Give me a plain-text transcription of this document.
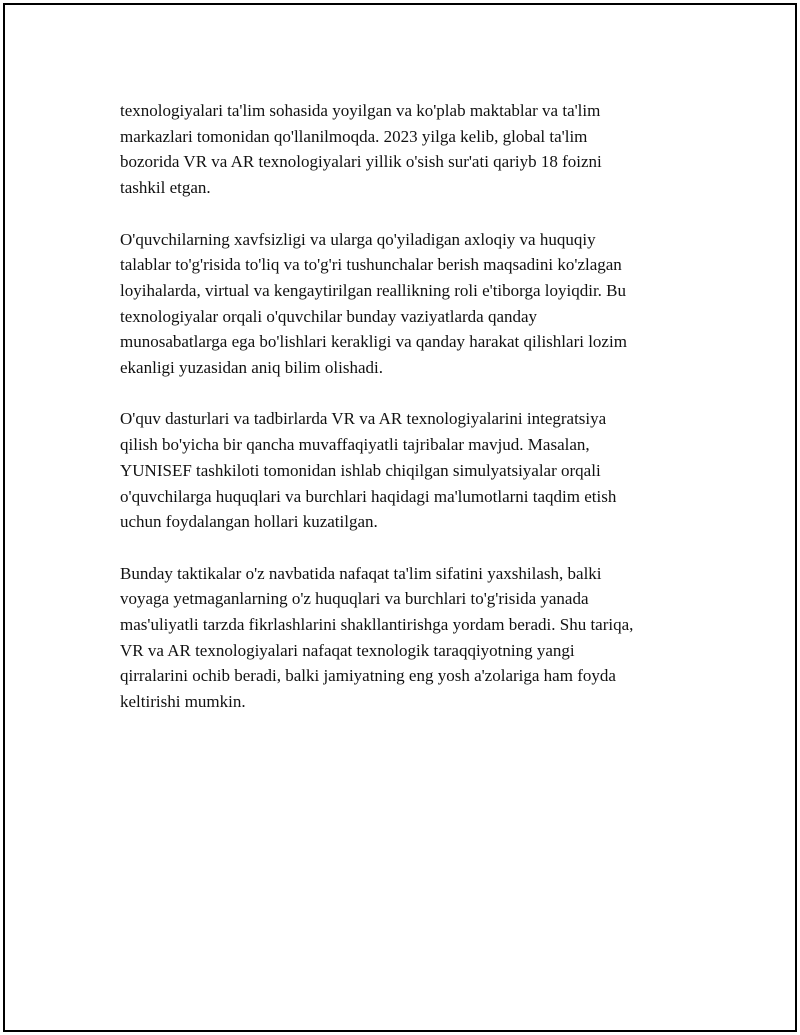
texnologiyalari ta'lim sohasida yoyilgan va ko'plab maktablar va ta'lim
markazlari tomonidan qo'llanilmoqda. 2023 yilga kelib, global ta'lim
bozorida VR va AR texnologiyalari yillik o'sish sur'ati qariyb 18 foizni
tashkil etgan.

O'quvchilarning xavfsizligi va ularga qo'yiladigan axloqiy va huquqiy
talablar to'g'risida to'liq va to'g'ri tushunchalar berish maqsadini ko'zlagan
loyihalarda, virtual va kengaytirilgan reallikning roli e'tiborga loyiqdir. Bu
texnologiyalar orqali o'quvchilar bunday vaziyatlarda qanday
munosabatlarga ega bo'lishlari kerakligi va qanday harakat qilishlari lozim
ekanligi yuzasidan aniq bilim olishadi.

O'quv dasturlari va tadbirlarda VR va AR texnologiyalarini integratsiya
qilish bo'yicha bir qancha muvaffaqiyatli tajribalar mavjud. Masalan,
YUNISEF tashkiloti tomonidan ishlab chiqilgan simulyatsiyalar orqali
o'quvchilarga huquqlari va burchlari haqidagi ma'lumotlarni taqdim etish
uchun foydalangan hollari kuzatilgan.

Bunday taktikalar o'z navbatida nafaqat ta'lim sifatini yaxshilash, balki
voyaga yetmaganlarning o'z huquqlari va burchlari to'g'risida yanada
mas'uliyatli tarzda fikrlashlarini shakllantirishga yordam beradi. Shu tariqa,
VR va AR texnologiyalari nafaqat texnologik taraqqiyotning yangi
qirralarini ochib beradi, balki jamiyatning eng yosh a'zolariga ham foyda
keltirishi mumkin.
